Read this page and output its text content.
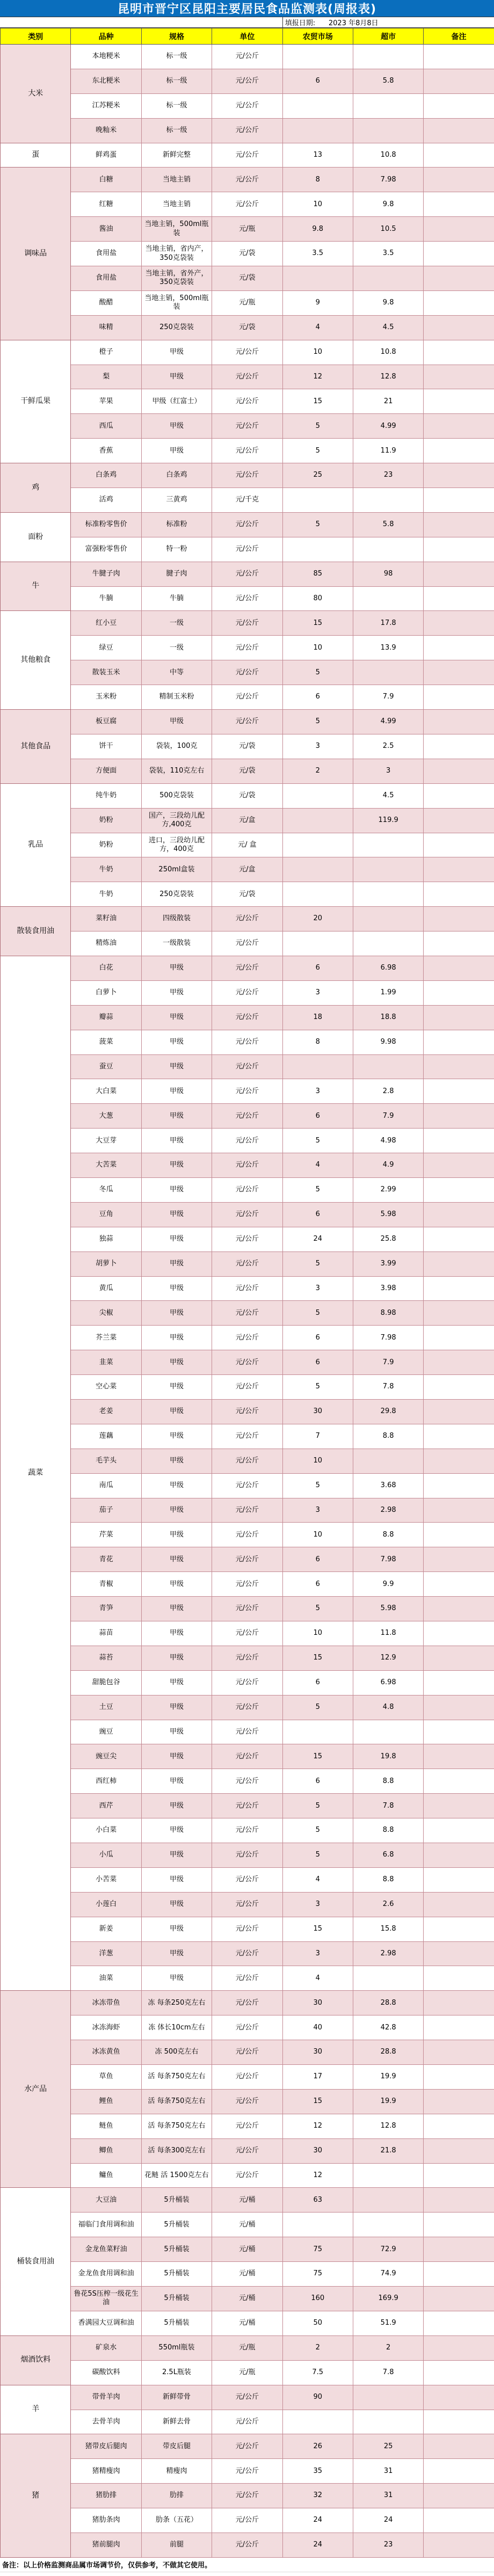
昆明市晋宁区昆阳主要居民食品监测表(周报表)
填报日期:
2023 年8月8日
类别	品种	规格	单位	农贸市场	超市	备注
大米	本地粳米	标一级	元/公斤			
	东北粳米	标一级	元/公斤	6	5.8	
	江苏粳米	标一级	元/公斤			
	晚籼米	标一级	元/公斤			
蛋	鲜鸡蛋	新鲜完整	元/公斤	13	10.8	
调味品	白糖	当地主销	元/公斤	8	7.98	
	红糖	当地主销	元/公斤	10	9.8	
	酱油	当地主销，500ml瓶装	元/瓶	9.8	10.5	
	食用盐	当地主销，省内产，350克袋装	元/袋	3.5	3.5	
	食用盐	当地主销，省外产，350克袋装	元/袋			
	酸醋	当地主销，500ml瓶装	元/瓶	9	9.8	
	味精	250克袋装	元/袋	4	4.5	
干鲜瓜果	橙子	甲级	元/公斤	10	10.8	
	梨	甲级	元/公斤	12	12.8	
	苹果	甲级（红富士）	元/公斤	15	21	
	西瓜	甲级	元/公斤	5	4.99	
	香蕉	甲级	元/公斤	5	11.9	
鸡	白条鸡	白条鸡	元/公斤	25	23	
	活鸡	三黄鸡	元/千克			
面粉	标准粉零售价	标准粉	元/公斤	5	5.8	
	富强粉零售价	特一粉	元/公斤			
牛	牛腱子肉	腱子肉	元/公斤	85	98	
	牛腩	牛腩	元/公斤	80		
其他粮食	红小豆	一级	元/公斤	15	17.8	
	绿豆	一级	元/公斤	10	13.9	
	散装玉米	中等	元/公斤	5		
	玉米粉	精制玉米粉	元/公斤	6	7.9	
其他食品	板豆腐	甲级	元/公斤	5	4.99	
	饼干	袋装，100克	元/袋	3	2.5	
	方便面	袋装，110克左右	元/袋	2	3	
乳品	纯牛奶	500克袋装	元/袋		4.5	
	奶粉	国产，三段幼儿配方,400克	元/盒		119.9	
	奶粉	进口，三段幼儿配方，400克	元/ 盒			
	牛奶	250ml盒装	元/盒			
	牛奶	250克袋装	元/袋			
散装食用油	菜籽油	四级散装	元/公斤	20		
	精炼油	一级散装	元/公斤			
蔬菜	白花	甲级	元/公斤	6	6.98	
	白萝卜	甲级	元/公斤	3	1.99	
	瓣蒜	甲级	元/公斤	18	18.8	
	菠菜	甲级	元/公斤	8	9.98	
	蚕豆	甲级	元/公斤			
	大白菜	甲级	元/公斤	3	2.8	
	大葱	甲级	元/公斤	6	7.9	
	大豆芽	甲级	元/公斤	5	4.98	
	大苦菜	甲级	元/公斤	4	4.9	
	冬瓜	甲级	元/公斤	5	2.99	
	豆角	甲级	元/公斤	6	5.98	
	独蒜	甲级	元/公斤	24	25.8	
	胡萝卜	甲级	元/公斤	5	3.99	
	黄瓜	甲级	元/公斤	3	3.98	
	尖椒	甲级	元/公斤	5	8.98	
	芥兰菜	甲级	元/公斤	6	7.98	
	韭菜	甲级	元/公斤	6	7.9	
	空心菜	甲级	元/公斤	5	7.8	
	老姜	甲级	元/公斤	30	29.8	
	莲藕	甲级	元/公斤	7	8.8	
	毛芋头	甲级	元/公斤	10		
	南瓜	甲级	元/公斤	5	3.68	
	茄子	甲级	元/公斤	3	2.98	
	芹菜	甲级	元/公斤	10	8.8	
	青花	甲级	元/公斤	6	7.98	
	青椒	甲级	元/公斤	6	9.9	
	青笋	甲级	元/公斤	5	5.98	
	蒜苗	甲级	元/公斤	10	11.8	
	蒜苔	甲级	元/公斤	15	12.9	
	甜脆包谷	甲级	元/公斤	6	6.98	
	土豆	甲级	元/公斤	5	4.8	
	豌豆	甲级	元/公斤			
	豌豆尖	甲级	元/公斤	15	19.8	
	西红柿	甲级	元/公斤	6	8.8	
	西芹	甲级	元/公斤	5	7.8	
	小白菜	甲级	元/公斤	5	8.8	
	小瓜	甲级	元/公斤	5	6.8	
	小苦菜	甲级	元/公斤	4	8.8	
	小莲白	甲级	元/公斤	3	2.6	
	新姜	甲级	元/公斤	15	15.8	
	洋葱	甲级	元/公斤	3	2.98	
	油菜	甲级	元/公斤	4		
水产品	冰冻带鱼	冻 每条250克左右	元/公斤	30	28.8	
	冰冻海虾	冻 体长10cm左右	元/公斤	40	42.8	
	冰冻黄鱼	冻 500克左右	元/公斤	30	28.8	
	草鱼	活 每条750克左右	元/公斤	17	19.9	
	鲤鱼	活 每条750克左右	元/公斤	15	19.9	
	鲢鱼	活 每条750克左右	元/公斤	12	12.8	
	鲫鱼	活 每条300克左右	元/公斤	30	21.8	
	鳙鱼	花鲢 活 1500克左右	元/公斤	12		
桶装食用油	大豆油	5升桶装	元/桶	63		
	福临门食用调和油	5升桶装	元/桶			
	金龙鱼菜籽油	5升桶装	元/桶	75	72.9	
	金龙鱼食用调和油	5升桶装	元/桶	75	74.9	
	鲁花5S压榨一级花生油	5升桶装	元/桶	160	169.9	
	香满园大豆调和油	5升桶装	元/桶	50	51.9	
烟酒饮料	矿泉水	550ml瓶装	元/瓶	2	2	
	碳酸饮料	2.5L瓶装	元/瓶	7.5	7.8	
羊	带骨羊肉	新鲜带骨	元/公斤	90		
	去骨羊肉	新鲜去骨	元/公斤			
猪	猪带皮后腿肉	带皮后腿	元/公斤	26	25	
	猪精瘦肉	精瘦肉	元/公斤	35	31	
	猪肋排	肋排	元/公斤	32	31	
	猪肋条肉	肋条（五花）	元/公斤	24	24	
	猪前腿肉	前腿	元/公斤	24	23	
备注：以上价格监测商品属市场调节价，仅供参考，不做其它使用。
